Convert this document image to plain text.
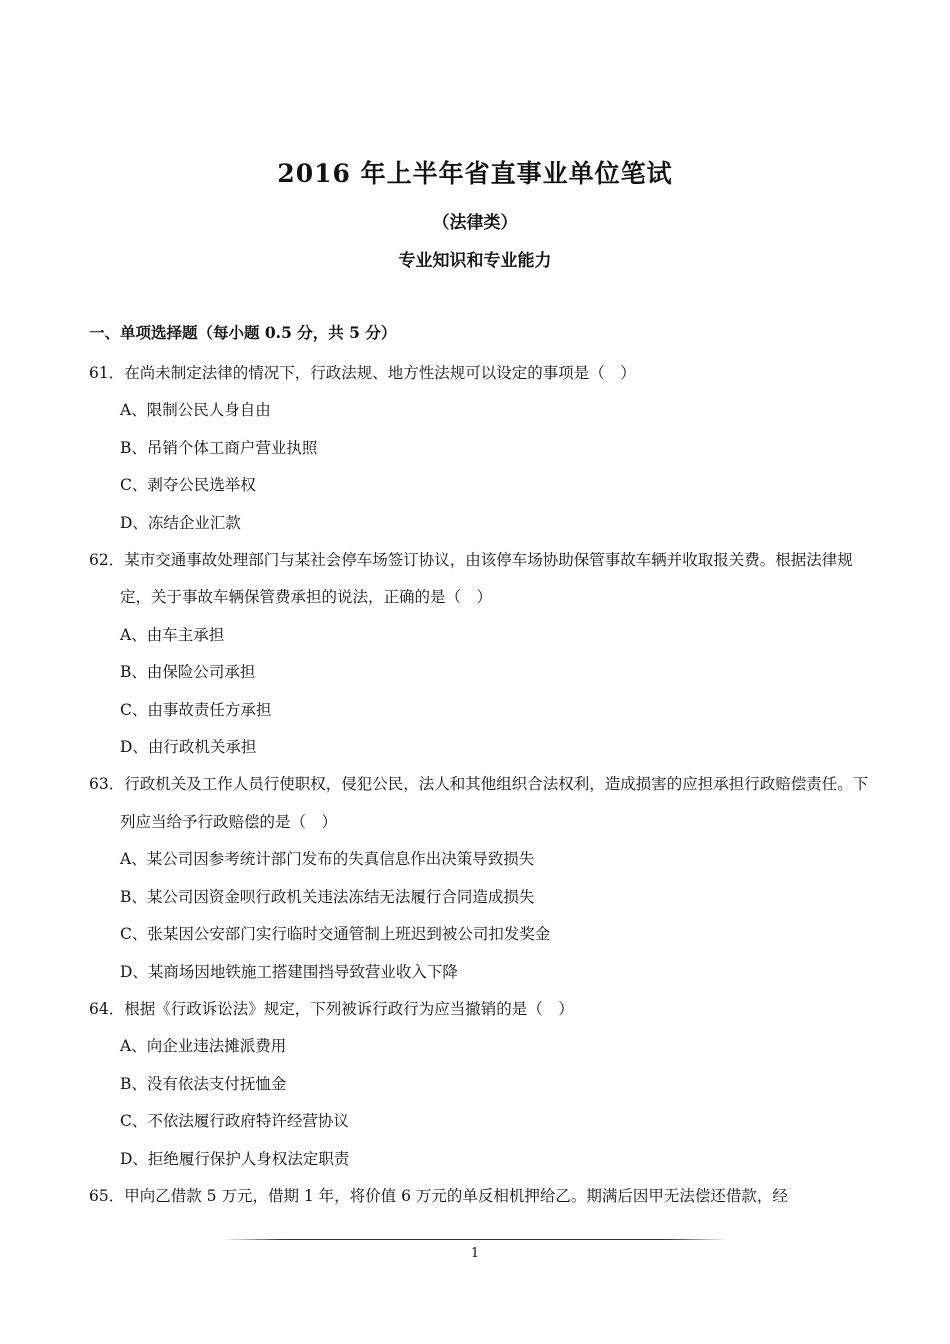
2016 年上半年省直事业单位笔试
（法律类）
专业知识和专业能力
一、单项选择题（每小题 0.5 分，共 5 分）
61．在尚未制定法律的情况下，行政法规、地方性法规可以设定的事项是（　）
A、限制公民人身自由
B、吊销个体工商户营业执照
C、剥夺公民选举权
D、冻结企业汇款
62．某市交通事故处理部门与某社会停车场签订协议，由该停车场协助保管事故车辆并收取报关费。根据法律规定，关于事故车辆保管费承担的说法，正确的是（　）
A、由车主承担
B、由保险公司承担
C、由事故责任方承担
D、由行政机关承担
63．行政机关及工作人员行使职权，侵犯公民，法人和其他组织合法权利，造成损害的应担承担行政赔偿责任。下列应当给予行政赔偿的是（　）
A、某公司因参考统计部门发布的失真信息作出决策导致损失
B、某公司因资金呗行政机关违法冻结无法履行合同造成损失
C、张某因公安部门实行临时交通管制上班迟到被公司扣发奖金
D、某商场因地铁施工搭建围挡导致营业收入下降
64．根据《行政诉讼法》规定，下列被诉行政行为应当撤销的是（　）
A、向企业违法摊派费用
B、没有依法支付抚恤金
C、不依法履行政府特许经营协议
D、拒绝履行保护人身权法定职责
65．甲向乙借款 5 万元，借期 1 年，将价值 6 万元的单反相机押给乙。期满后因甲无法偿还借款，经
1
